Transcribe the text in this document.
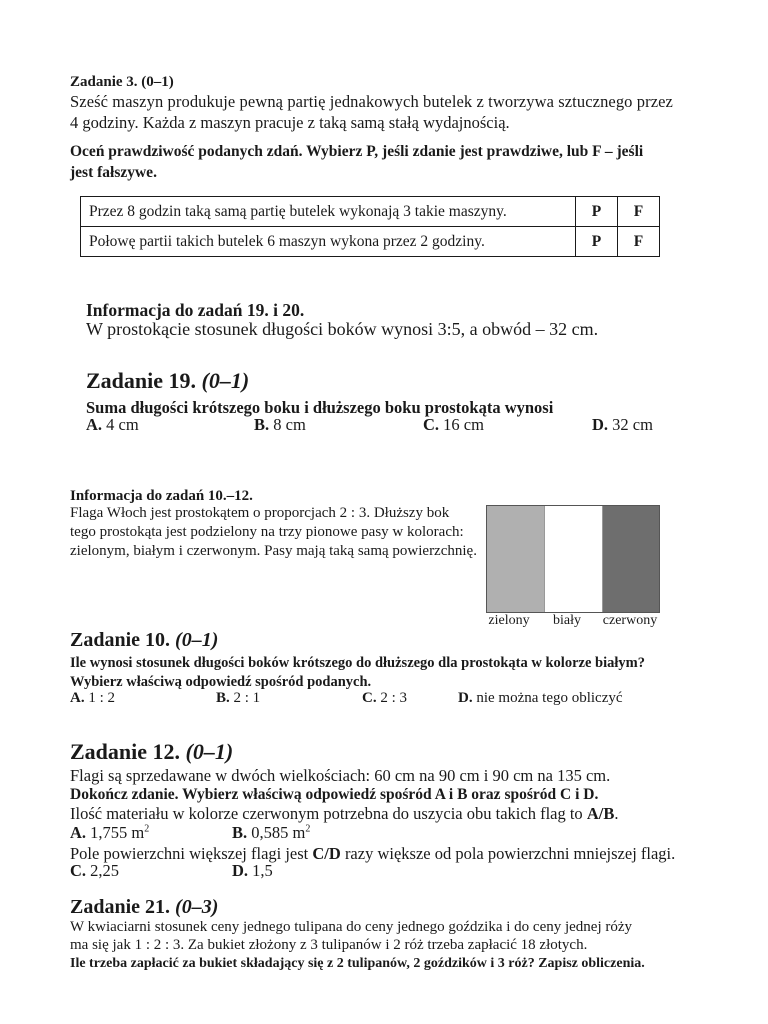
Zadanie 3. (0–1)
Sześć maszyn produkuje pewną partię jednakowych butelek z tworzywa sztucznego przez
4 godziny. Każda z maszyn pracuje z taką samą stałą wydajnością.
Oceń prawdziwość podanych zdań. Wybierz P, jeśli zdanie jest prawdziwe, lub F – jeśli
jest fałszywe.
Przez 8 godzin taką samą partię butelek wykonają 3 takie maszyny.	P	F
Połowę partii takich butelek 6 maszyn wykona przez 2 godziny.	P	F
Informacja do zadań 19. i 20.
W prostokącie stosunek długości boków wynosi 3:5, a obwód – 32 cm.
Zadanie 19. (0–1)
Suma długości krótszego boku i dłuższego boku prostokąta wynosi
A. 4 cm	B. 8 cm	C. 16 cm	D. 32 cm
Informacja do zadań 10.–12.
Flaga Włoch jest prostokątem o proporcjach 2 : 3. Dłuższy bok
tego prostokąta jest podzielony na trzy pionowe pasy w kolorach:
zielonym, białym i czerwonym. Pasy mają taką samą powierzchnię.
zielony	biały	czerwony
Zadanie 10. (0–1)
Ile wynosi stosunek długości boków krótszego do dłuższego dla prostokąta w kolorze białym?
Wybierz właściwą odpowiedź spośród podanych.
A. 1 : 2	B. 2 : 1	C. 2 : 3	D. nie można tego obliczyć
Zadanie 12. (0–1)
Flagi są sprzedawane w dwóch wielkościach: 60 cm na 90 cm i 90 cm na 135 cm.
Dokończ zdanie. Wybierz właściwą odpowiedź spośród A i B oraz spośród C i D.
Ilość materiału w kolorze czerwonym potrzebna do uszycia obu takich flag to A/B.
A. 1,755 $m^2$	B. 0,585 $m^2$
Pole powierzchni większej flagi jest C/D razy większe od pola powierzchni mniejszej flagi.
C. 2,25	D. 1,5
Zadanie 21. (0–3)
W kwiaciarni stosunek ceny jednego tulipana do ceny jednego goździka i do ceny jednej róży
ma się jak 1 : 2 : 3. Za bukiet złożony z 3 tulipanów i 2 róż trzeba zapłacić 18 złotych.
Ile trzeba zapłacić za bukiet składający się z 2 tulipanów, 2 goździków i 3 róż? Zapisz obliczenia.
